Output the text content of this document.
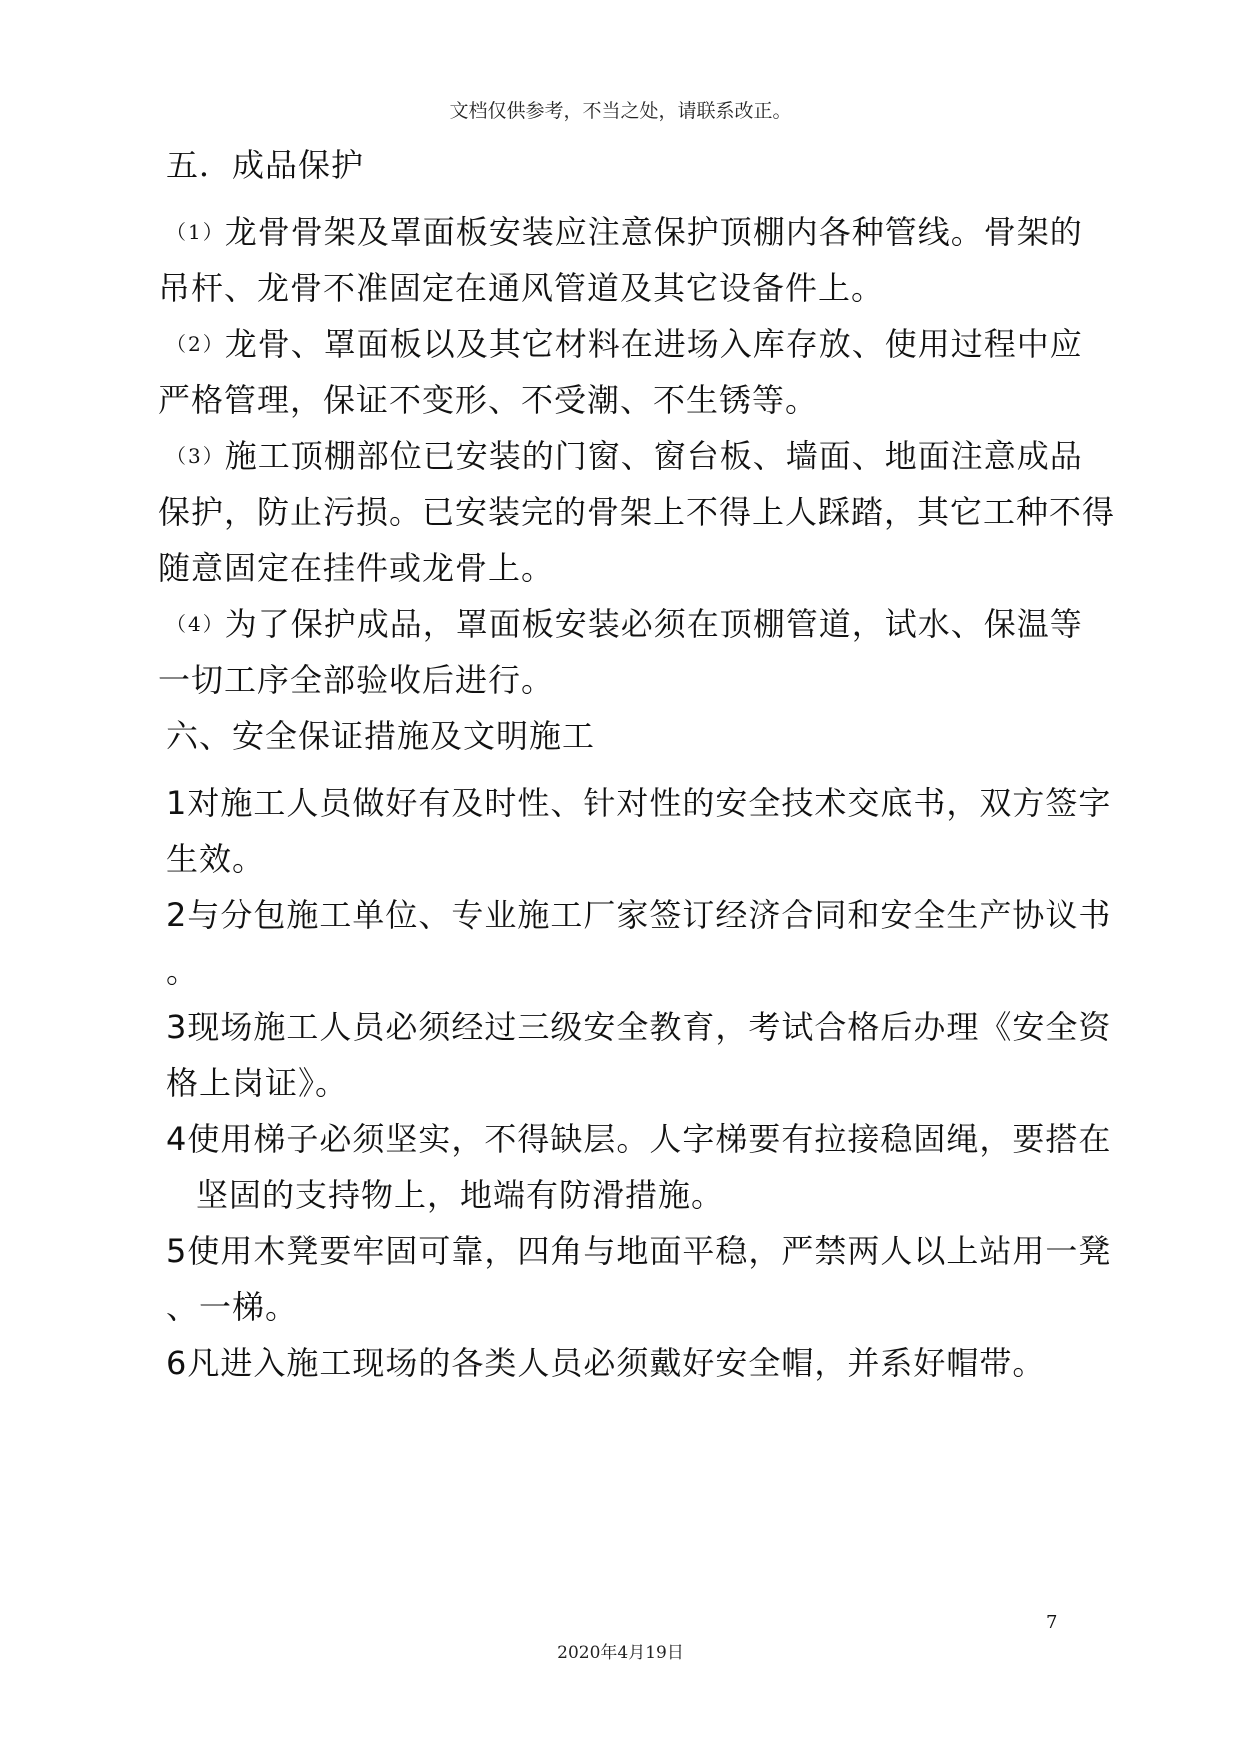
文档仅供参考，不当之处，请联系改正。
五．成品保护
（1）龙骨骨架及罩面板安装应注意保护顶棚内各种管线。骨架的
吊杆、龙骨不准固定在通风管道及其它设备件上。
（2）龙骨、罩面板以及其它材料在进场入库存放、使用过程中应
严格管理，保证不变形、不受潮、不生锈等。
（3）施工顶棚部位已安装的门窗、窗台板、墙面、地面注意成品
保护，防止污损。已安装完的骨架上不得上人踩踏，其它工种不得
随意固定在挂件或龙骨上。
（4）为了保护成品，罩面板安装必须在顶棚管道，试水、保温等
一切工序全部验收后进行。
六、安全保证措施及文明施工
1对施工人员做好有及时性、针对性的安全技术交底书，双方签字
生效。
2与分包施工单位、专业施工厂家签订经济合同和安全生产协议书
。
3现场施工人员必须经过三级安全教育，考试合格后办理《安全资
格上岗证》。
4使用梯子必须坚实，不得缺层。人字梯要有拉接稳固绳，要搭在
坚固的支持物上，地端有防滑措施。
5使用木凳要牢固可靠，四角与地面平稳，严禁两人以上站用一凳
、一梯。
6凡进入施工现场的各类人员必须戴好安全帽，并系好帽带。
7
2020年4月19日
